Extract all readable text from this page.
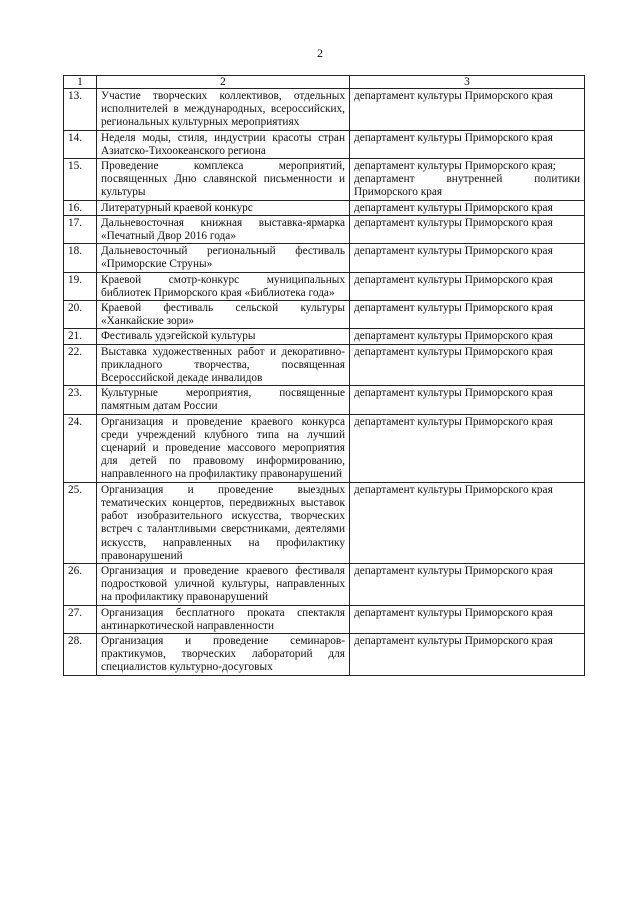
2
1	2	3
13.	Участие творческих коллективов, отдельных исполнителей в международных, всероссийских, региональных культурных мероприятиях	департамент культуры Приморского края

14.	Неделя моды, стиля, индустрии красоты стран Азиатско-Тихоокеанского региона	департамент культуры Приморского края

15.	Проведение комплекса мероприятий, посвященных Дню славянской письменности и культуры	департамент культуры Приморского края;
департамент внутренней политики Приморского края

16.	Литературный краевой конкурс	департамент культуры Приморского края

17.	Дальневосточная книжная выставка-ярмарка «Печатный Двор 2016 года»	департамент культуры Приморского края

18.	Дальневосточный региональный фестиваль «Приморские Струны»	департамент культуры Приморского края

19.	Краевой смотр-конкурс муниципальных библиотек Приморского края «Библиотека года»	департамент культуры Приморского края

20.	Краевой фестиваль сельской культуры «Ханкайские зори»	департамент культуры Приморского края

21.	Фестиваль удэгейской культуры	департамент культуры Приморского края

22.	Выставка художественных работ и декоративно-прикладного творчества, посвященная Всероссийской декаде инвалидов	департамент культуры Приморского края

23.	Культурные мероприятия, посвященные памятным датам России	департамент культуры Приморского края

24.	Организация и проведение краевого конкурса среди учреждений клубного типа на лучший сценарий и проведение массового мероприятия для детей по правовому информированию, направленного на профилактику правонарушений	департамент культуры Приморского края

25.	Организация и проведение выездных тематических концертов, передвижных выставок работ изобразительного искусства, творческих встреч с талантливыми сверстниками, деятелями искусств, направленных на профилактику правонарушений	департамент культуры Приморского края

26.	Организация и проведение краевого фестиваля подростковой уличной культуры, направленных на профилактику правонарушений	департамент культуры Приморского края

27.	Организация бесплатного проката спектакля антинаркотической направленности	департамент культуры Приморского края

28.	Организация и проведение семинаров-практикумов, творческих лабораторий для специалистов культурно-досуговых	департамент культуры Приморского края
